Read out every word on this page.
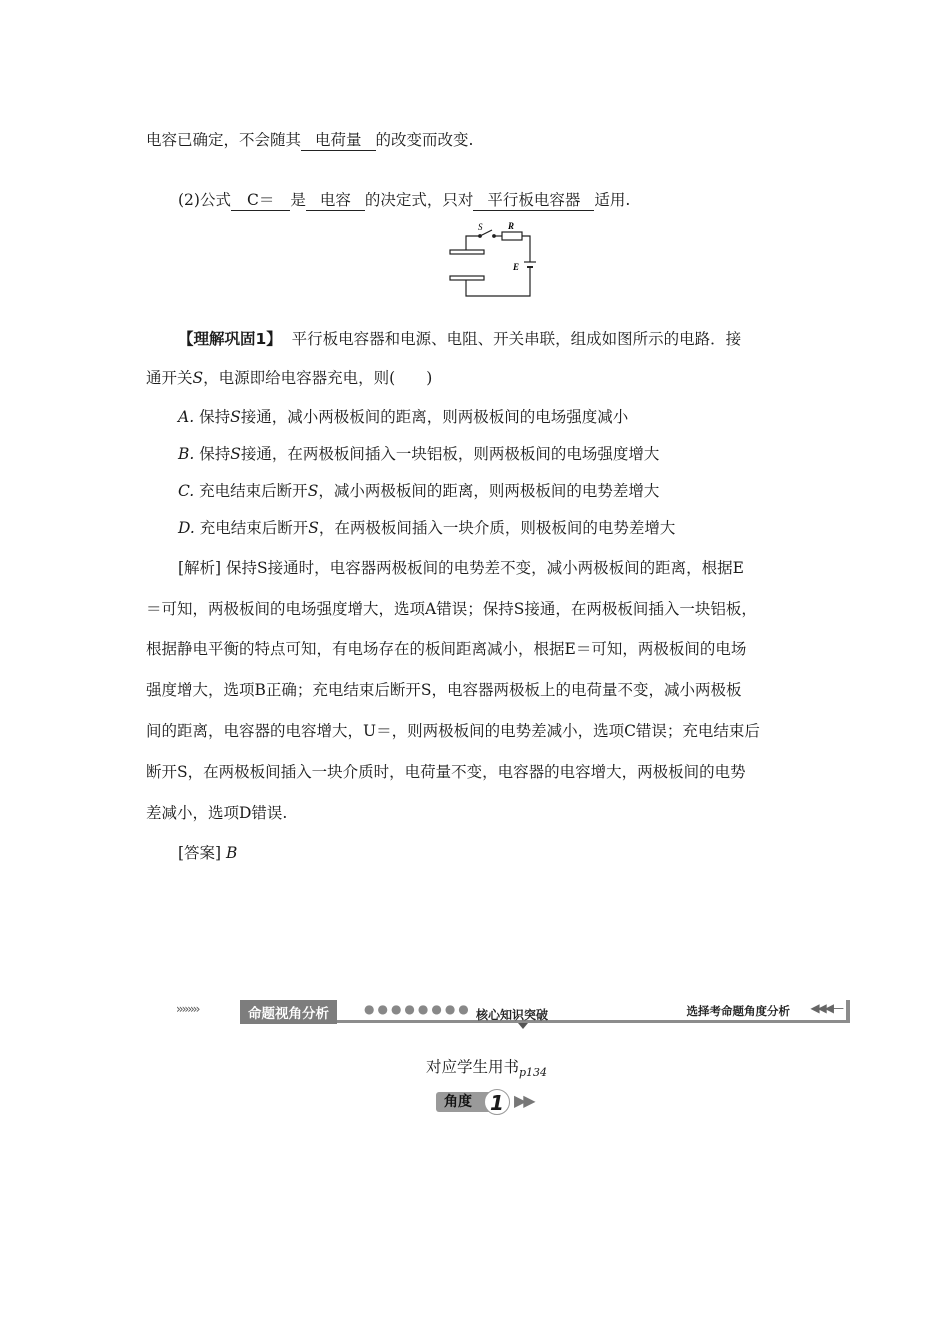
电容已确定，不会随其 电荷量 的改变而改变.
(2)公式 C＝ 是 电容 的决定式，只对 平行板电容器 适用.
S	R
E
【理解巩固1】 平行板电容器和电源、电阻、开关串联，组成如图所示的电路．接
通开关S，电源即给电容器充电，则(　　)
A. 保持S接通，减小两极板间的距离，则两极板间的电场强度减小
B. 保持S接通，在两极板间插入一块铝板，则两极板间的电场强度增大
C. 充电结束后断开S，减小两极板间的距离，则两极板间的电势差增大
D. 充电结束后断开S，在两极板间插入一块介质，则极板间的电势差增大
[解析] 保持S接通时，电容器两极板间的电势差不变，减小两极板间的距离，根据E
＝可知，两极板间的电场强度增大，选项A错误；保持S接通，在两极板间插入一块铝板，
根据静电平衡的特点可知，有电场存在的板间距离减小，根据E＝可知，两极板间的电场
强度增大，选项B正确；充电结束后断开S，电容器两极板上的电荷量不变，减小两极板
间的距离，电容器的电容增大，U＝，则两极板间的电势差减小，选项C错误；充电结束后
断开S，在两极板间插入一块介质时，电荷量不变，电容器的电容增大，两极板间的电势
差减小，选项D错误.
[答案] B
››››››››	命题视角分析	●●●●●●●● 核心知识突破	选择考命题角度分析 ◀◀◀—
对应学生用书$_{p134}$
角度 1 ▶▶
